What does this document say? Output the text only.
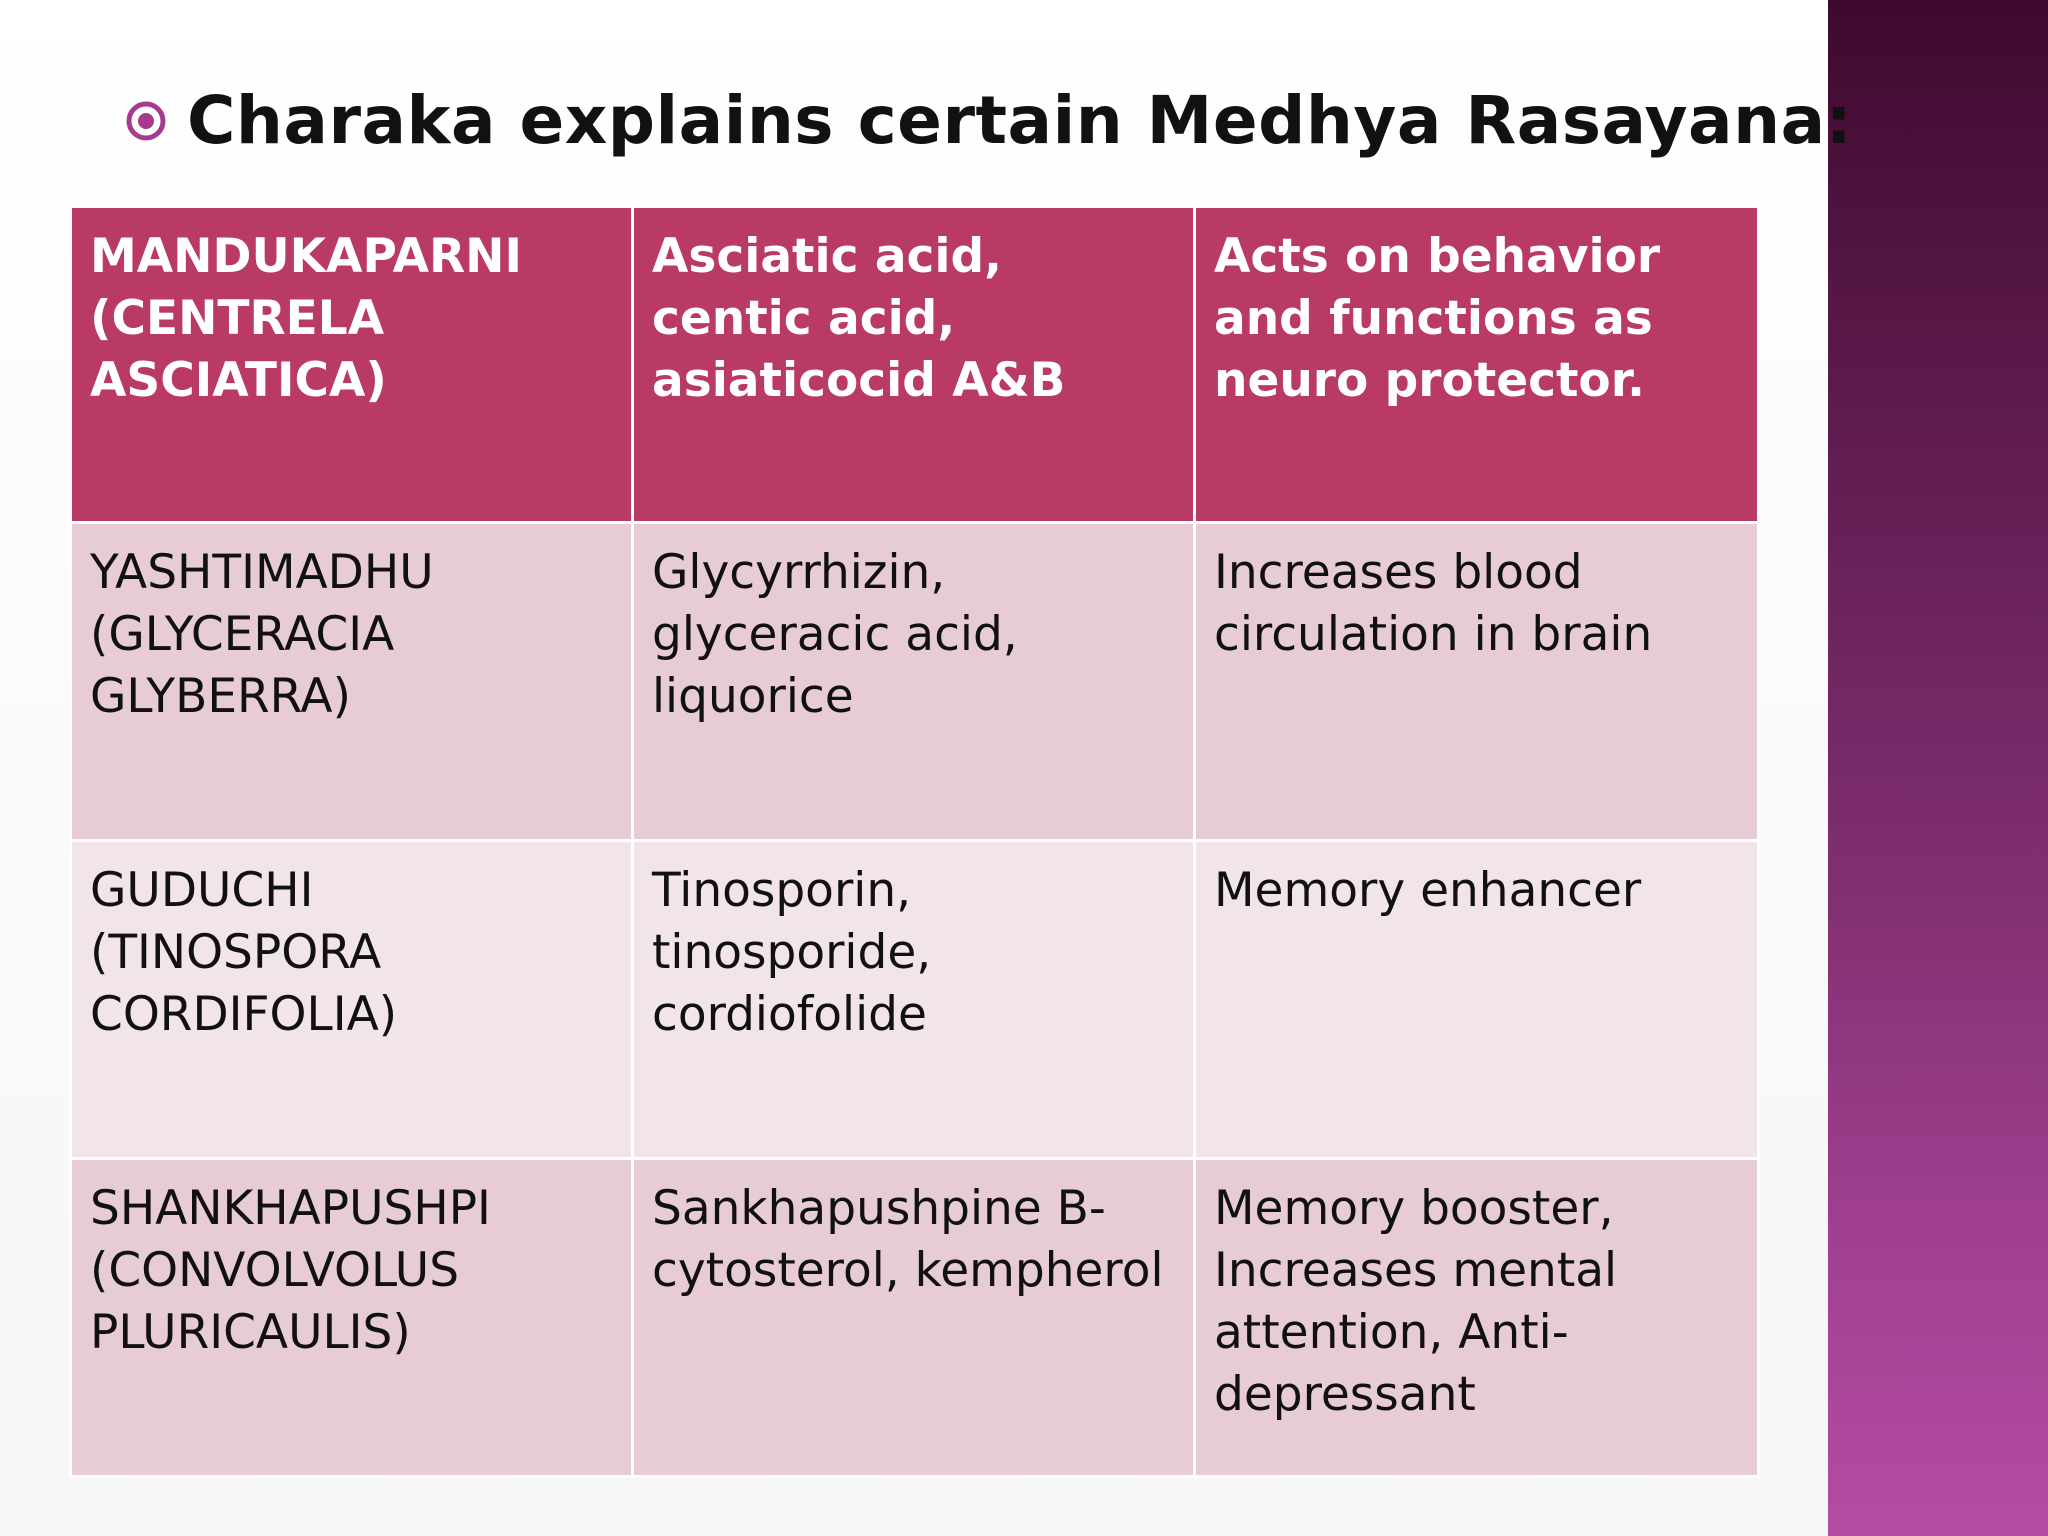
Charaka explains certain Medhya Rasayana:
MANDUKAPARNI (CENTRELA ASCIATICA)	Asciatic acid, centic acid, asiaticocid A&B	Acts on behavior and functions as neuro protector.
YASHTIMADHU (GLYCERACIA GLYBERRA)	Glycyrrhizin, glyceracic acid, liquorice	Increases blood circulation in brain
GUDUCHI (TINOSPORA CORDIFOLIA)	Tinosporin, tinosporide, cordiofolide	Memory enhancer
SHANKHAPUSHPI (CONVOLVOLUS PLURICAULIS)	Sankhapushpine B-cytosterol, kempherol	Memory booster, Increases mental attention, Anti- depressant
